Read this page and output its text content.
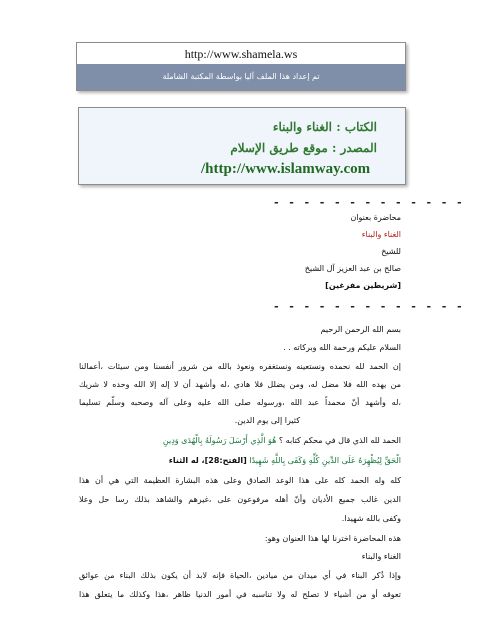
http://www.shamela.ws
تم إعداد هذا الملف آليا بواسطة المكتبة الشاملة
الكتاب : الغناء والبناء
المصدر : موقع طريق الإسلام
/http://www.islamway.com
- - - - - - - - - - - - -
محاضرة بعنوان
الغناء والبناء
للشيخ
صالح بن عبد العزيز آل الشيخ
[شريطين مفرغين]
- - - - - - - - - - - - -
بسم الله الرحمن الرحيم
السلام عليكم ورحمة الله وبركاته . .
إن الحمد لله نحمده ونستعينه ونستغفره ونعوذ بالله من شرور أنفسنا ومن سيئات ،أعمالنا
من يهده الله فلا مضل له، ومن يضلل فلا هادي ،له وأشهد أن لا إله إلا الله وحده لا شريك
،له وأشهد أنّ محمداً عبد الله ،ورسوله صلى الله عليه وعلى آله وصحبه وسلّم تسليما
كثيرا إلى يوم الدين.
الحمد لله الذي قال في محكم كتابه ؟ هُوَ الَّذِي أَرْسَلَ رَسُولَهُ بِالْهُدَى وَدِينِ
الْحَقِّ لِيُظْهِرَهُ عَلَى الدِّينِ كُلِّهِ وَكَفَى بِاللَّهِ شَهِيدًا [الفتح:28]، له الثناء
كله وله الحمد كله على هذا الوعد الصادق وعلى هذه البشارة العظيمة التي هي أن هذا
الدين غالب جميع الأديان وأنّ أهله مرفوعون على ،غيرهم والشاهد بذلك رسا حل وعلا
وكفى بالله شهيدا.
هذه المحاضرة اخترنا لها هذا العنوان وهو:
الغناء والبناء
وإذا ذُكر البناء في أي ميدان من ميادين ،الحياة فإنه لابد أن يكون بذلك البناء من عوائق
تعوقه أو من أشياء لا تصلح له ولا تناسبه في أمور الدنيا ظاهر ،هذا وكذلك ما يتعلق هذا
